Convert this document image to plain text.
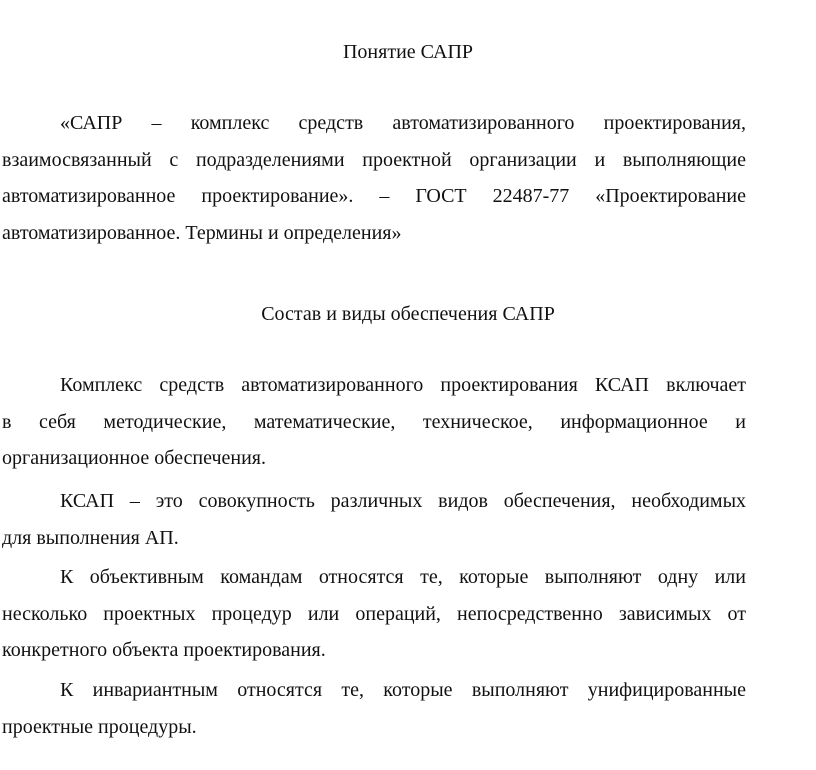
Понятие САПР
«САПР – комплекс средств автоматизированного проектирования,
взаимосвязанный с подразделениями проектной организации и выполняющие
автоматизированное проектирование». – ГОСТ 22487-77 «Проектирование
автоматизированное. Термины и определения»
Состав и виды обеспечения САПР
Комплекс средств автоматизированного проектирования КСАП включает
в себя методические, математические, техническое, информационное и
организационное обеспечения.
КСАП – это совокупность различных видов обеспечения, необходимых
для выполнения АП.
К объективным командам относятся те, которые выполняют одну или
несколько проектных процедур или операций, непосредственно зависимых от
конкретного объекта проектирования.
К инвариантным относятся те, которые выполняют унифицированные
проектные процедуры.
